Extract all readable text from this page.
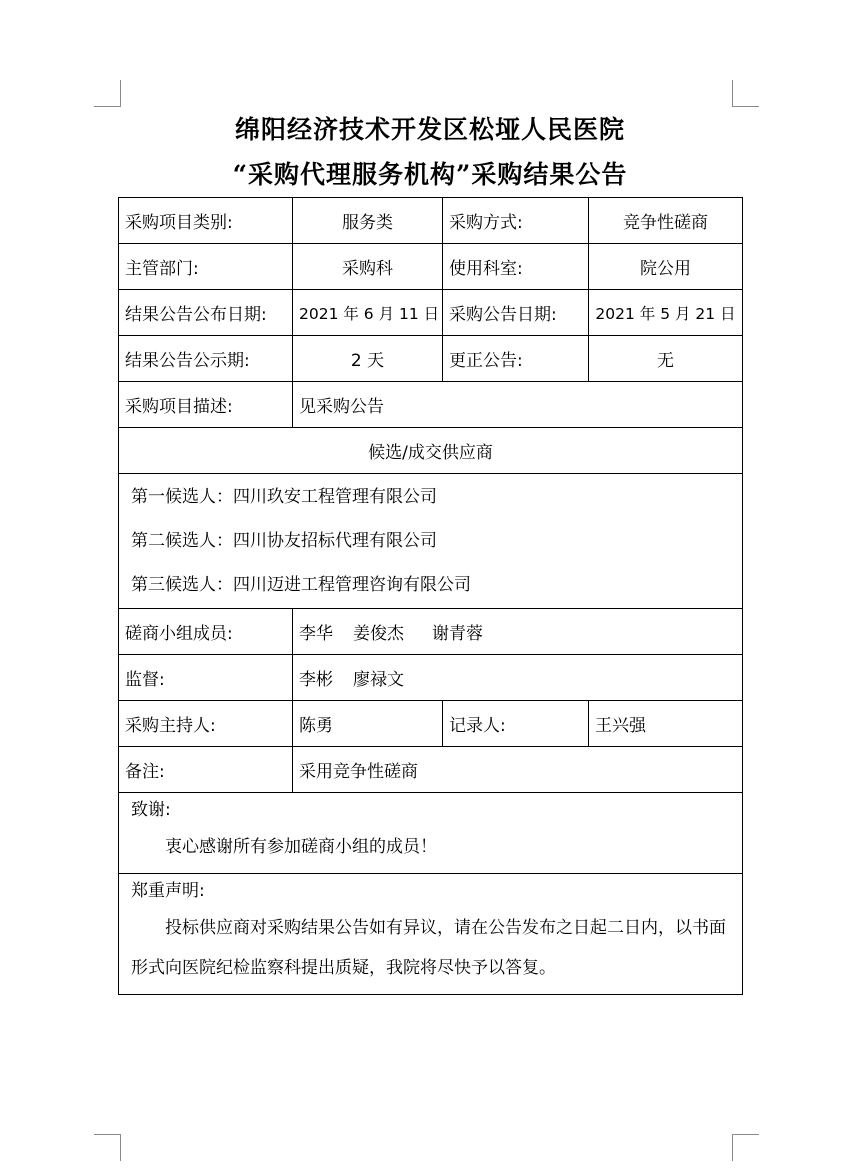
绵阳经济技术开发区松垭人民医院
“采购代理服务机构”采购结果公告
采购项目类别:	服务类	采购方式:	竞争性磋商
主管部门:	采购科	使用科室:	院公用
结果公告公布日期:	2021 年 6 月 11 日	采购公告日期:	2021 年 5 月 21 日
结果公告公示期:	2 天	更正公告:	无
采购项目描述:	见采购公告		
候选/成交供应商			

第一候选人：四川玖安工程管理有限公司
第二候选人：四川协友招标代理有限公司
第三候选人：四川迈进工程管理咨询有限公司			

磋商小组成员:	李华 姜俊杰 谢青蓉		
监督:	李彬 廖禄文		
采购主持人:	陈勇	记录人:	王兴强
备注:	采用竞争性磋商		

致谢:
衷心感谢所有参加磋商小组的成员！			

郑重声明:
投标供应商对采购结果公告如有异议，请在公告发布之日起二日内，以书面形式向医院纪检监察科提出质疑，我院将尽快予以答复。			
